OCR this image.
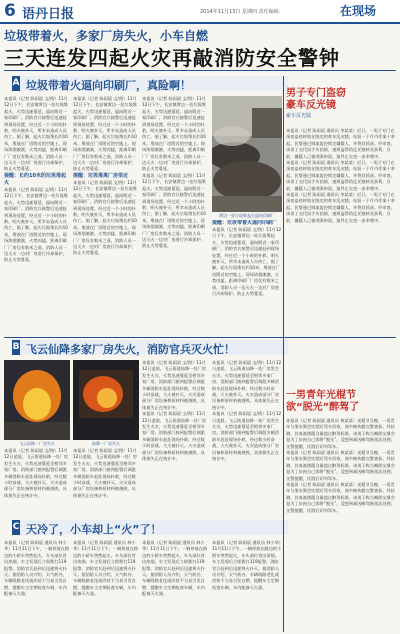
6 语丹日报	2014年11月13日 星期四 责任编辑：	在现场
垃圾带着火，多家厂房失火，小车自燃
三天连发四起火灾再敲消防安全警钟
A 垃圾带着火逼向印刷厂，真险啊！
本报讯（记者 陈雨晨 文/图）11月12日下午，长安镇霄边一处垃圾堆起火，火势迅速蔓延，逼向附近一家印刷厂。消防官兵接警后迅速赶到现场处置，经过近一个小时的扑救，明火被扑灭，所幸未造成人员伤亡。据了解，起火垃圾堆长约10米，堆放在厂房附近的空地上。现场浓烟滚滚，火势凶猛，距离印刷厂厂房仅有数米之遥。消防人员一边灭火一边对厂房进行冷却保护，防止火势蔓延。
提醒：长约10米的垃圾堆起火
本报讯（记者 陈雨晨 文/图）11月12日下午，长安镇霄边一处垃圾堆起火，火势迅速蔓延，逼向附近一家印刷厂。消防官兵接警后迅速赶到现场处置，经过近一个小时的扑救，明火被扑灭，所幸未造成人员伤亡。据了解，起火垃圾堆长约10米，堆放在厂房附近的空地上。现场浓烟滚滚，火势凶猛，距离印刷厂厂房仅有数米之遥。消防人员一边灭火一边对厂房进行冷却保护，防止火势蔓延。
本报讯（记者 陈雨晨 文/图）11月12日下午，长安镇霄边一处垃圾堆起火，火势迅速蔓延，逼向附近一家印刷厂。消防官兵接警后迅速赶到现场处置，经过近一个小时的扑救，明火被扑灭，所幸未造成人员伤亡。据了解，起火垃圾堆长约10米，堆放在厂房附近的空地上。现场浓烟滚滚，火势凶猛，距离印刷厂厂房仅有数米之遥。消防人员一边灭火一边对厂房进行冷却保护，防止火势蔓延。
提醒：垃圾堆离厂房很近
本报讯（记者 陈雨晨 文/图）11月12日下午，长安镇霄边一处垃圾堆起火，火势迅速蔓延，逼向附近一家印刷厂。消防官兵接警后迅速赶到现场处置，经过近一个小时的扑救，明火被扑灭，所幸未造成人员伤亡。据了解，起火垃圾堆长约10米，堆放在厂房附近的空地上。现场浓烟滚滚，火势凶猛，距离印刷厂厂房仅有数米之遥。消防人员一边灭火一边对厂房进行冷却保护，防止火势蔓延。
本报讯（记者 陈雨晨 文/图）11月12日下午，长安镇霄边一处垃圾堆起火，火势迅速蔓延，逼向附近一家印刷厂。消防官兵接警后迅速赶到现场处置，经过近一个小时的扑救，明火被扑灭，所幸未造成人员伤亡。据了解，起火垃圾堆长约10米，堆放在厂房附近的空地上。现场浓烟滚滚，火势凶猛，距离印刷厂厂房仅有数米之遥。消防人员一边灭火一边对厂房进行冷却保护，防止火势蔓延。
本报讯（记者 陈雨晨 文/图）11月12日下午，长安镇霄边一处垃圾堆起火，火势迅速蔓延，逼向附近一家印刷厂。消防官兵接警后迅速赶到现场处置，经过近一个小时的扑救，明火被扑灭，所幸未造成人员伤亡。据了解，起火垃圾堆长约10米，堆放在厂房附近的空地上。现场浓烟滚滚，火势凶猛，距离印刷厂厂房仅有数米之遥。消防人员一边灭火一边对厂房进行冷却保护，防止火势蔓延。
霄边一处垃圾堆起火逼向印刷厂
提醒：垃圾带着火逼向印刷厂
本报讯（记者 陈雨晨 文/图）11月12日下午，长安镇霄边一处垃圾堆起火，火势迅速蔓延，逼向附近一家印刷厂。消防官兵接警后迅速赶到现场处置，经过近一个小时的扑救，明火被扑灭，所幸未造成人员伤亡。据了解，起火垃圾堆长约10米，堆放在厂房附近的空地上。现场浓烟滚滚，火势凶猛，距离印刷厂厂房仅有数米之遥。消防人员一边灭火一边对厂房进行冷却保护，防止火势蔓延。
男子专门盗窃
豪车反光镜
豪车反光镜
本报讯（记者 陈雨晨 通讯员 李某某）近日，一男子专门在深夜盗窃停放在路边的豪车反光镜，短短一个月内作案十余起。民警通过调取监控锁定嫌疑人，并将其抓获。经审查，该男子交代因手头拮据，遂将盗得的反光镜转卖获利。目前，嫌疑人已被刑事拘留，案件正在进一步审理中。
本报讯（记者 陈雨晨 通讯员 李某某）近日，一男子专门在深夜盗窃停放在路边的豪车反光镜，短短一个月内作案十余起。民警通过调取监控锁定嫌疑人，并将其抓获。经审查，该男子交代因手头拮据，遂将盗得的反光镜转卖获利。目前，嫌疑人已被刑事拘留，案件正在进一步审理中。
本报讯（记者 陈雨晨 通讯员 李某某）近日，一男子专门在深夜盗窃停放在路边的豪车反光镜，短短一个月内作案十余起。民警通过调取监控锁定嫌疑人，并将其抓获。经审查，该男子交代因手头拮据，遂将盗得的反光镜转卖获利。目前，嫌疑人已被刑事拘留，案件正在进一步审理中。
B 飞云仙降多家厂房失火，消防官兵灭火忙！
飞云仙降一厂房失火
本报讯（记者 陈雨晨 文/图）11月12日凌晨，飞云街道仙降一处厂房发生火灾，火势迅速蔓延至相邻多家厂房。消防部门接到报警后调派多辆消防车赶赴现场扑救，经过数小时奋战，大火被扑灭。火灾造成部分厂房设备和原材料被烧毁，具体损失正在统计中。
仙降一厂房失火
本报讯（记者 陈雨晨 文/图）11月12日凌晨，飞云街道仙降一处厂房发生火灾，火势迅速蔓延至相邻多家厂房。消防部门接到报警后调派多辆消防车赶赴现场扑救，经过数小时奋战，大火被扑灭。火灾造成部分厂房设备和原材料被烧毁，具体损失正在统计中。
本报讯（记者 陈雨晨 文/图）11月12日凌晨，飞云街道仙降一处厂房发生火灾，火势迅速蔓延至相邻多家厂房。消防部门接到报警后调派多辆消防车赶赴现场扑救，经过数小时奋战，大火被扑灭。火灾造成部分厂房设备和原材料被烧毁，具体损失正在统计中。
本报讯（记者 陈雨晨 文/图）11月12日凌晨，飞云街道仙降一处厂房发生火灾，火势迅速蔓延至相邻多家厂房。消防部门接到报警后调派多辆消防车赶赴现场扑救，经过数小时奋战，大火被扑灭。火灾造成部分厂房设备和原材料被烧毁，具体损失正在统计中。
本报讯（记者 陈雨晨 文/图）11月12日凌晨，飞云街道仙降一处厂房发生火灾，火势迅速蔓延至相邻多家厂房。消防部门接到报警后调派多辆消防车赶赴现场扑救，经过数小时奋战，大火被扑灭。火灾造成部分厂房设备和原材料被烧毁，具体损失正在统计中。
本报讯（记者 陈雨晨 文/图）11月12日凌晨，飞云街道仙降一处厂房发生火灾，火势迅速蔓延至相邻多家厂房。消防部门接到报警后调派多辆消防车赶赴现场扑救，经过数小时奋战，大火被扑灭。火灾造成部分厂房设备和原材料被烧毁，具体损失正在统计中。
C 天冷了，小车却上“火”了！
本报讯（记者 陈雨晨 通讯员 林小华）11月11日下午，一辆停放在路边的小轿车突然起火，车头部位冒出浓烟。车主发现后立即拨打119报警。消防官兵赶到后迅速将火扑灭。据消防人员介绍，天气转冷，车辆线路老化或改装不当易引发自燃，提醒车主定期检查车辆，车内配备灭火器。
本报讯（记者 陈雨晨 通讯员 林小华）11月11日下午，一辆停放在路边的小轿车突然起火，车头部位冒出浓烟。车主发现后立即拨打119报警。消防官兵赶到后迅速将火扑灭。据消防人员介绍，天气转冷，车辆线路老化或改装不当易引发自燃，提醒车主定期检查车辆，车内配备灭火器。
本报讯（记者 陈雨晨 通讯员 林小华）11月11日下午，一辆停放在路边的小轿车突然起火，车头部位冒出浓烟。车主发现后立即拨打119报警。消防官兵赶到后迅速将火扑灭。据消防人员介绍，天气转冷，车辆线路老化或改装不当易引发自燃，提醒车主定期检查车辆，车内配备灭火器。
本报讯（记者 陈雨晨 通讯员 林小华）11月11日下午，一辆停放在路边的小轿车突然起火，车头部位冒出浓烟。车主发现后立即拨打119报警。消防官兵赶到后迅速将火扑灭。据消防人员介绍，天气转冷，车辆线路老化或改装不当易引发自燃，提醒车主定期检查车辆，车内配备灭火器。
一男青年光棍节
欲“脱光”醉驾了
本报讯（记者 陈雨晨 通讯员 黄某某）光棍节当晚，一男青年与朋友聚会饮酒后驾车回家，途中被执勤交警查获。经检测，其血液酒精含量超过醉驾标准。该男子称当晚朋友聚会是为了庆祝自己即将“脱光”，没想到却因醉驾被依法处理。交警提醒，饮酒后切勿驾车。
本报讯（记者 陈雨晨 通讯员 黄某某）光棍节当晚，一男青年与朋友聚会饮酒后驾车回家，途中被执勤交警查获。经检测，其血液酒精含量超过醉驾标准。该男子称当晚朋友聚会是为了庆祝自己即将“脱光”，没想到却因醉驾被依法处理。交警提醒，饮酒后切勿驾车。
本报讯（记者 陈雨晨 通讯员 黄某某）光棍节当晚，一男青年与朋友聚会饮酒后驾车回家，途中被执勤交警查获。经检测，其血液酒精含量超过醉驾标准。该男子称当晚朋友聚会是为了庆祝自己即将“脱光”，没想到却因醉驾被依法处理。交警提醒，饮酒后切勿驾车。
